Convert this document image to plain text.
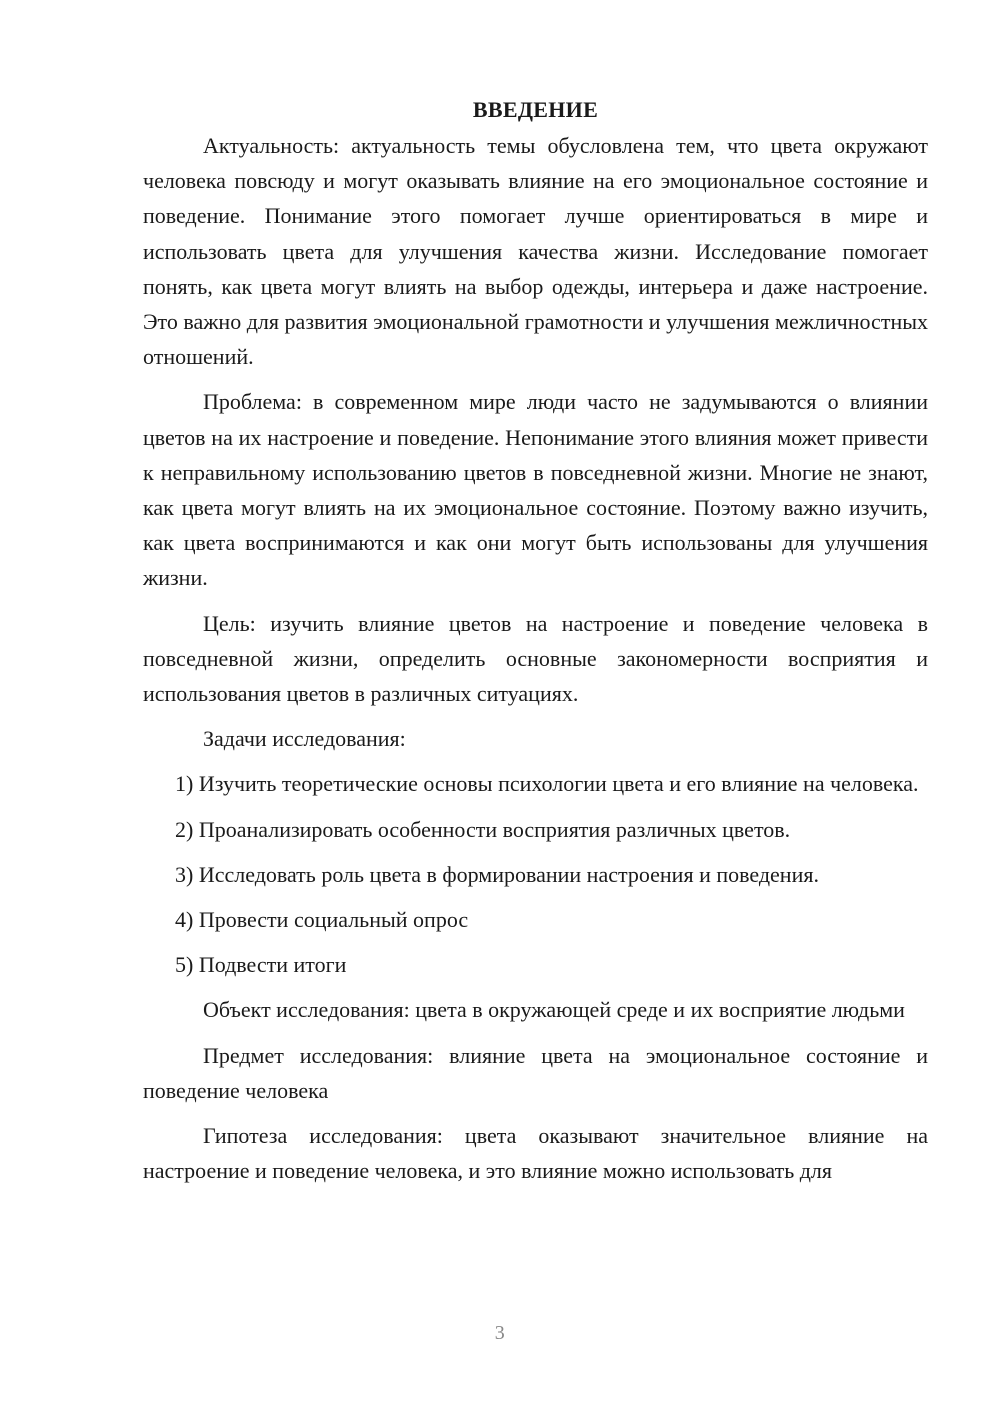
ВВЕДЕНИЕ

Актуальность: актуальность темы обусловлена тем, что цвета окружают человека повсюду и могут оказывать влияние на его эмоциональное состояние и поведение. Понимание этого помогает лучше ориентироваться в мире и использовать цвета для улучшения качества жизни. Исследование помогает понять, как цвета могут влиять на выбор одежды, интерьера и даже настроение. Это важно для развития эмоциональной грамотности и улучшения межличностных отношений.

Проблема: в современном мире люди часто не задумываются о влиянии цветов на их настроение и поведение. Непонимание этого влияния может привести к неправильному использованию цветов в повседневной жизни. Многие не знают, как цвета могут влиять на их эмоциональное состояние. Поэтому важно изучить, как цвета воспринимаются и как они могут быть использованы для улучшения жизни.

Цель: изучить влияние цветов на настроение и поведение человека в повседневной жизни, определить основные закономерности восприятия и использования цветов в различных ситуациях.

Задачи исследования:

1) Изучить теоретические основы психологии цвета и его влияние на человека.

2) Проанализировать особенности восприятия различных цветов.

3) Исследовать роль цвета в формировании настроения и поведения.

4) Провести социальный опрос

5) Подвести итоги

Объект исследования: цвета в окружающей среде и их восприятие людьми

Предмет исследования: влияние цвета на эмоциональное состояние и поведение человека

Гипотеза исследования: цвета оказывают значительное влияние на настроение и поведение человека, и это влияние можно использовать для

3
